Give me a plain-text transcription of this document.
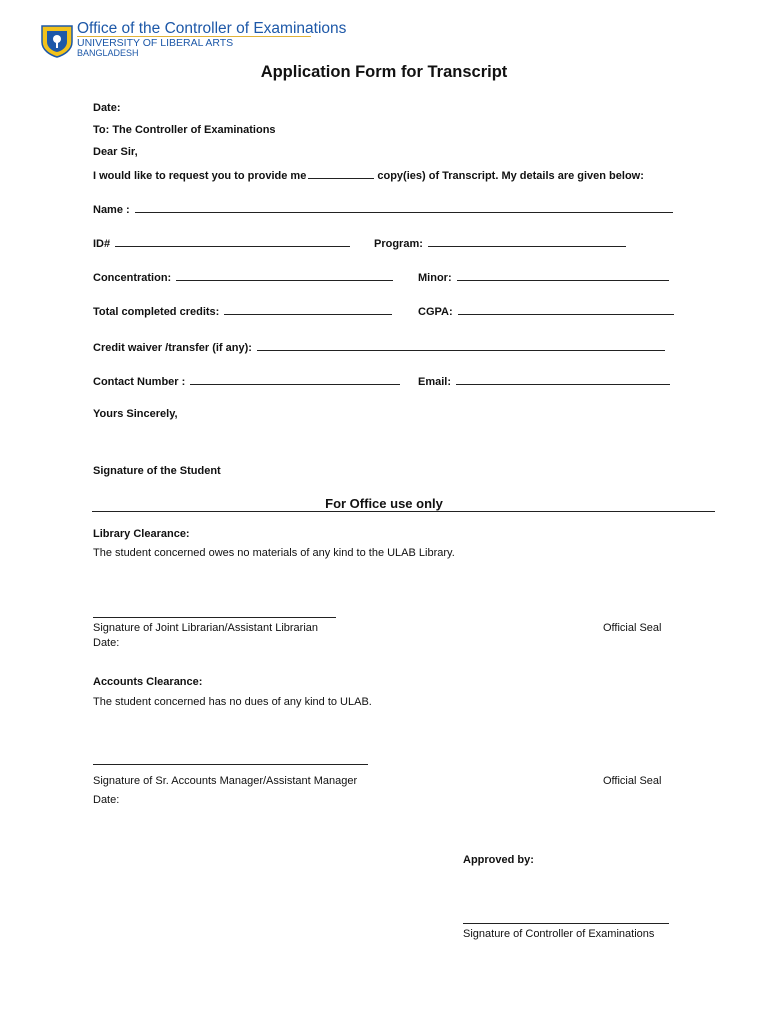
Office of the Controller of Examinations
UNIVERSITY OF LIBERAL ARTS
BANGLADESH
Application Form for Transcript
Date:
To: The Controller of Examinations
Dear Sir,
I would like to request you to provide me	copy(ies) of Transcript. My details are given below:
Name :
ID#	Program:
Concentration:	Minor:
Total completed credits:	CGPA:
Credit waiver /transfer (if any):
Contact Number :	Email:
Yours Sincerely,
Signature of the Student
For Office use only
Library Clearance:
The student concerned owes no materials of any kind to the ULAB Library.
Signature of Joint Librarian/Assistant Librarian	Official Seal
Date:
Accounts Clearance:
The student concerned has no dues of any kind to ULAB.
Signature of Sr. Accounts Manager/Assistant Manager	Official Seal
Date:
Approved by:
Signature of Controller of Examinations
